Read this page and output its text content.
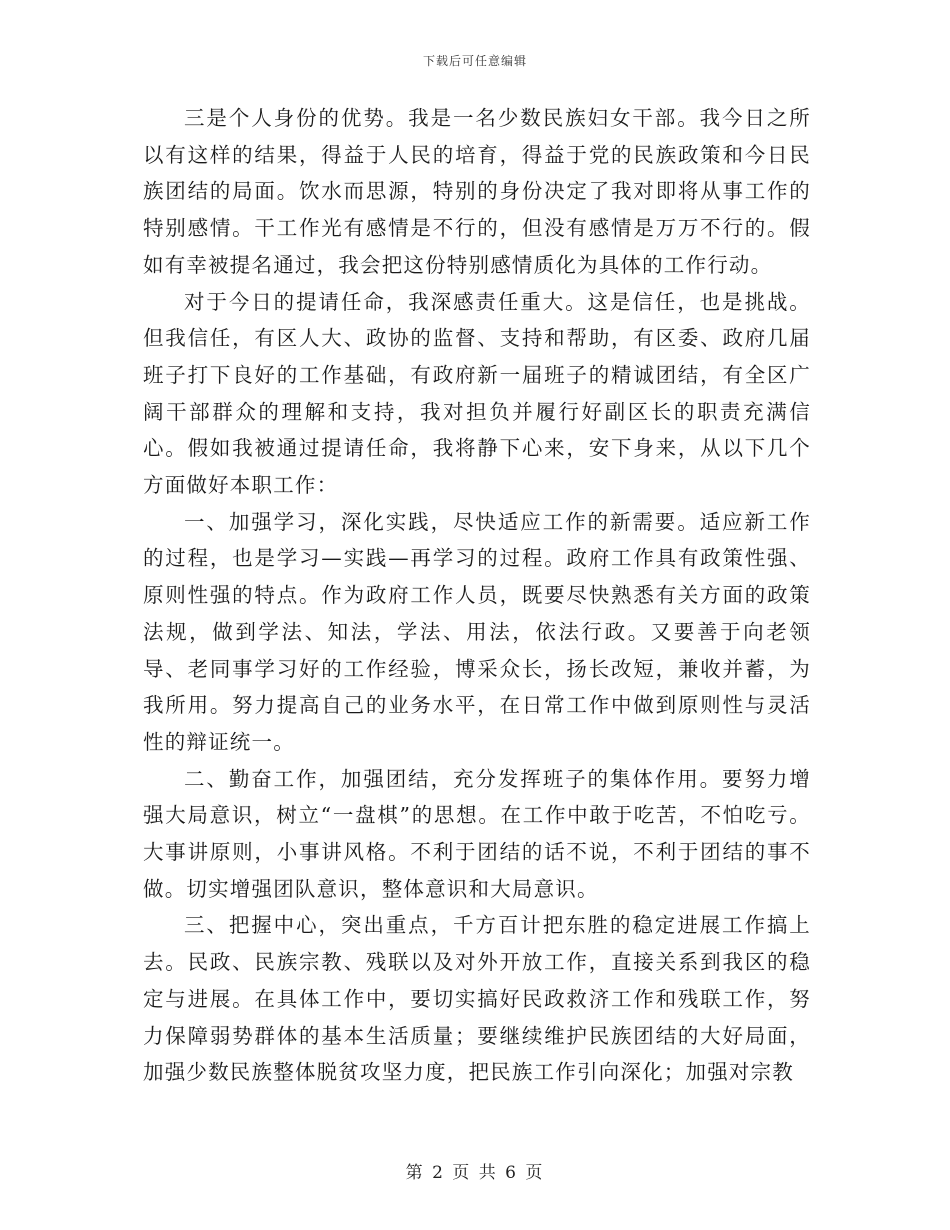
下载后可任意编辑

三是个人身份的优势。我是一名少数民族妇女干部。我今日之所以有这样的结果，得益于人民的培育，得益于党的民族政策和今日民族团结的局面。饮水而思源，特别的身份决定了我对即将从事工作的特别感情。干工作光有感情是不行的，但没有感情是万万不行的。假如有幸被提名通过，我会把这份特别感情质化为具体的工作行动。

对于今日的提请任命，我深感责任重大。这是信任，也是挑战。但我信任，有区人大、政协的监督、支持和帮助，有区委、政府几届班子打下良好的工作基础，有政府新一届班子的精诚团结，有全区广阔干部群众的理解和支持，我对担负并履行好副区长的职责充满信心。假如我被通过提请任命，我将静下心来，安下身来，从以下几个方面做好本职工作：

一、加强学习，深化实践，尽快适应工作的新需要。适应新工作的过程，也是学习—实践—再学习的过程。政府工作具有政策性强、原则性强的特点。作为政府工作人员，既要尽快熟悉有关方面的政策法规，做到学法、知法，学法、用法，依法行政。又要善于向老领导、老同事学习好的工作经验，博采众长，扬长改短，兼收并蓄，为我所用。努力提高自己的业务水平，在日常工作中做到原则性与灵活性的辩证统一。

二、勤奋工作，加强团结，充分发挥班子的集体作用。要努力增强大局意识，树立“一盘棋”的思想。在工作中敢于吃苦，不怕吃亏。大事讲原则，小事讲风格。不利于团结的话不说，不利于团结的事不做。切实增强团队意识，整体意识和大局意识。

三、把握中心，突出重点，千方百计把东胜的稳定进展工作搞上去。民政、民族宗教、残联以及对外开放工作，直接关系到我区的稳定与进展。在具体工作中，要切实搞好民政救济工作和残联工作，努力保障弱势群体的基本生活质量；要继续维护民族团结的大好局面，加强少数民族整体脱贫攻坚力度，把民族工作引向深化；加强对宗教

第 2 页 共 6 页
